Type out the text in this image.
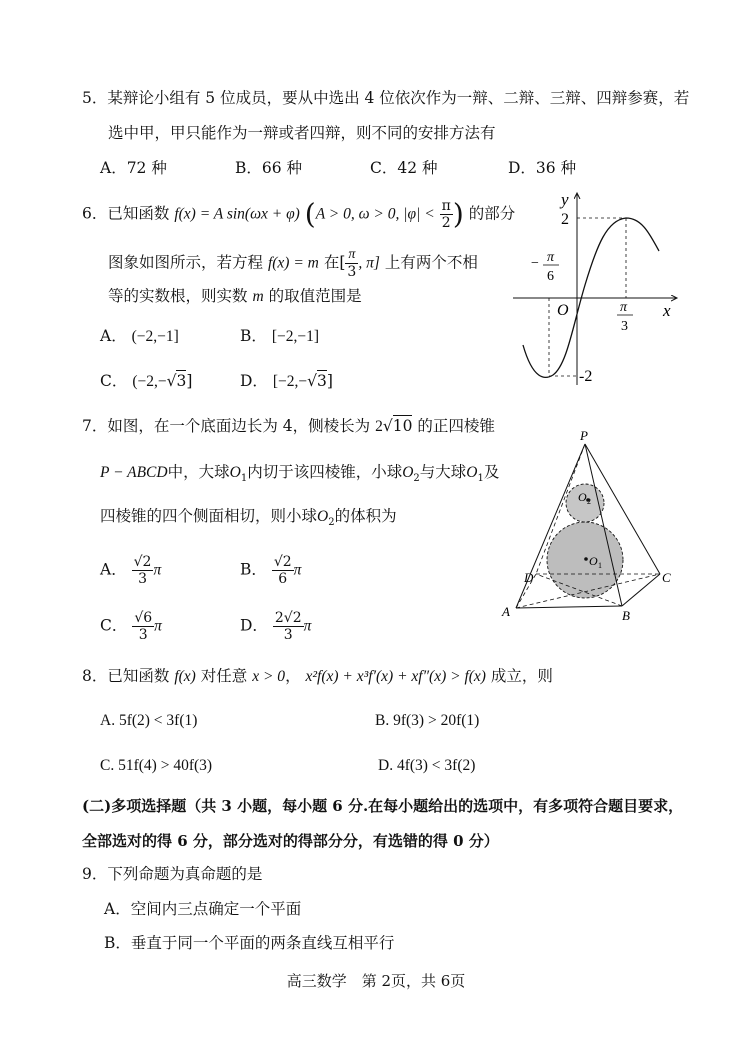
5．某辩论小组有 5 位成员，要从中选出 4 位依次作为一辩、二辩、三辩、四辩参赛，若
选中甲，甲只能作为一辩或者四辩，则不同的安排方法有
A．72 种	B．66 种	C．42 种	D．36 种
6．已知函数 f(x) = A sin(ωx + φ) (A > 0, ω > 0, $|\varphi| < \frac{\pi}{2}$ ) 的部分
图象如图所示，若方程 f(x) = m 在[ $\frac{\pi}{3}$ , π] 上有两个不相
等的实数根，则实数 m 的取值范围是
A． (−2,−1]	B． [−2,−1]
C． (−2,−√3]	D． [−2,−√3]
y
x
O
2
-2
− π
6
π
3
7．如图，在一个底面边长为 4，侧棱长为 2√10 的正四棱锥
P − ABCD中，大球$O_1$内切于该四棱锥，小球$O_2$与大球$O_1$及
四棱锥的四个侧面相切，则小球$O_2$的体积为
A． $\frac{√2}{3}$ π	B． $\frac{√2}{6}$ π
C． $\frac{√6}{3}$ π	D． $\frac{2√2}{3}$ π
P
A	B
C
D
O 1
O 2
8．已知函数 f(x) 对任意 x > 0， x²f(x) + x³f′(x) + xf″(x) > f(x) 成立，则
A. 5f(2) < 3f(1)	B. 9f(3) > 20f(1)
C. 51f(4) > 40f(3)	D. 4f(3) < 3f(2)
(二)多项选择题（共 3 小题，每小题 6 分.在每小题给出的选项中，有多项符合题目要求，
全部选对的得 6 分，部分选对的得部分分，有选错的得 0 分）
9．下列命题为真命题的是
A．空间内三点确定一个平面
B．垂直于同一个平面的两条直线互相平行
高三数学　第 2页，共 6页
